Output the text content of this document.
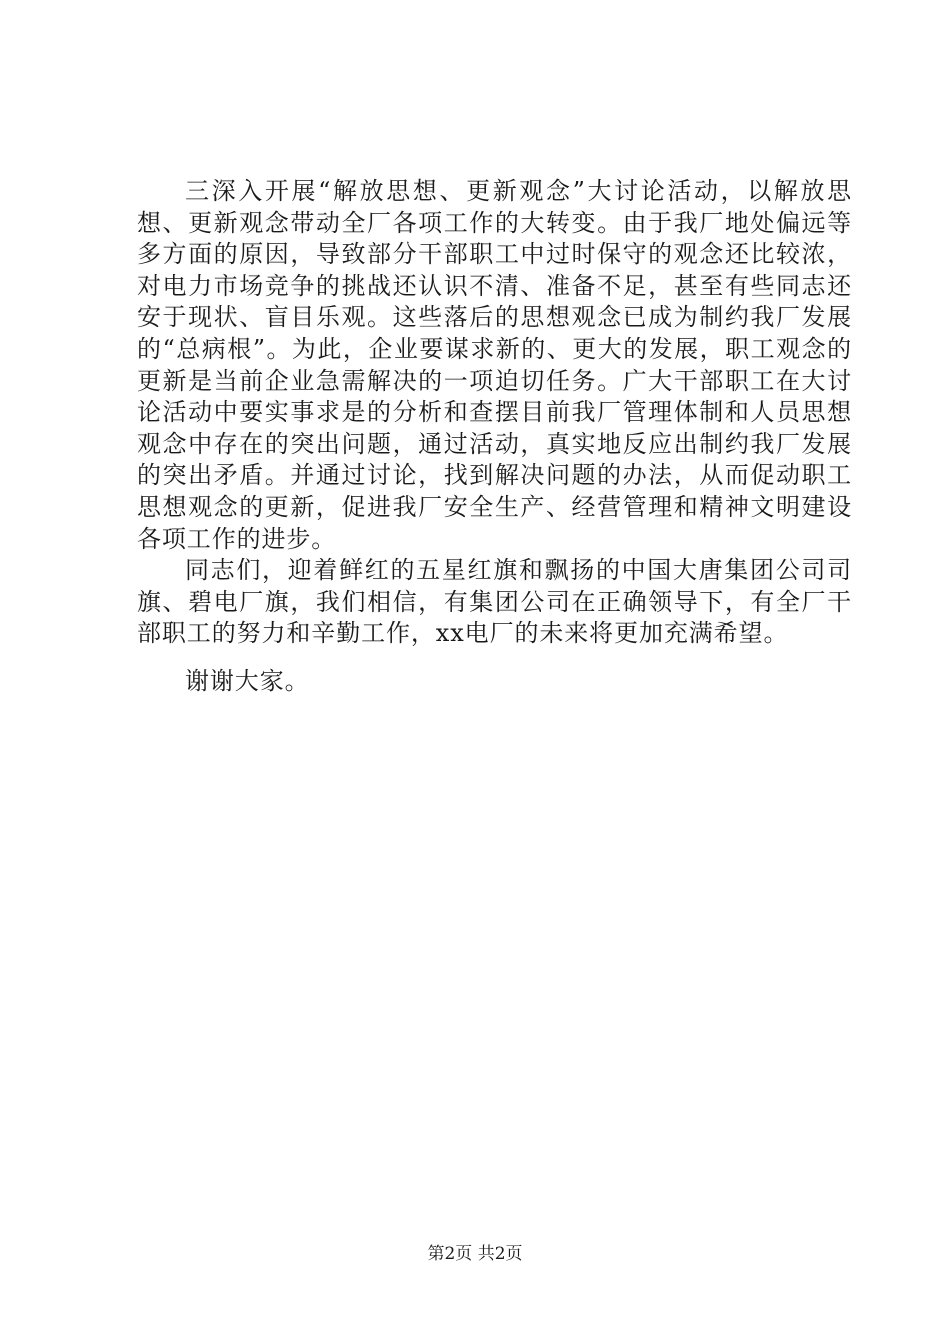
三深入开展“解放思想、更新观念”大讨论活动，以解放思想、更新观念带动全厂各项工作的大转变。由于我厂地处偏远等多方面的原因，导致部分干部职工中过时保守的观念还比较浓，对电力市场竞争的挑战还认识不清、准备不足，甚至有些同志还安于现状、盲目乐观。这些落后的思想观念已成为制约我厂发展的“总病根”。为此，企业要谋求新的、更大的发展，职工观念的更新是当前企业急需解决的一项迫切任务。广大干部职工在大讨论活动中要实事求是的分析和查摆目前我厂管理体制和人员思想观念中存在的突出问题，通过活动，真实地反应出制约我厂发展的突出矛盾。并通过讨论，找到解决问题的办法，从而促动职工思想观念的更新，促进我厂安全生产、经营管理和精神文明建设各项工作的进步。

同志们，迎着鲜红的五星红旗和飘扬的中国大唐集团公司司旗、碧电厂旗，我们相信，有集团公司在正确领导下，有全厂干部职工的努力和辛勤工作，xx电厂的未来将更加充满希望。

谢谢大家。

第2页 共2页
